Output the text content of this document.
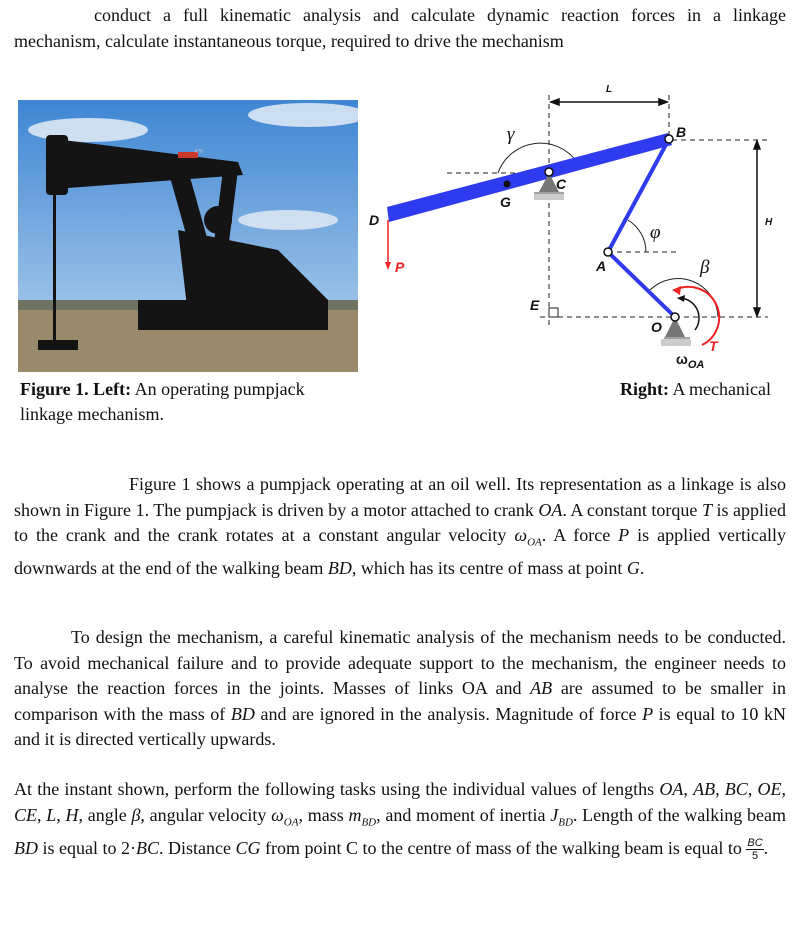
conduct a full kinematic analysis and calculate dynamic reaction forces in a linkage mechanism, calculate instantaneous torque, required to drive the mechanism
470
L
H
B
C
G
D
P	A
E
O
T
$\omega_{OA}$
γ
φ
β
Figure 1. Left: An operating pumpjack linkage mechanism.
Right: A mechanical
Figure 1 shows a pumpjack operating at an oil well. Its representation as a linkage is also shown in Figure 1. The pumpjack is driven by a motor attached to crank OA. A constant torque T is applied to the crank and the crank rotates at a constant angular velocity $\omega_{OA}$. A force P is applied vertically downwards at the end of the walking beam BD, which has its centre of mass at point G.
To design the mechanism, a careful kinematic analysis of the mechanism needs to be conducted. To avoid mechanical failure and to provide adequate support to the mechanism, the engineer needs to analyse the reaction forces in the joints. Masses of links OA and AB are assumed to be smaller in comparison with the mass of BD and are ignored in the analysis. Magnitude of force P is equal to 10 kN and it is directed vertically upwards.
At the instant shown, perform the following tasks using the individual values of lengths OA, AB, BC, OE, CE, L, H, angle β, angular velocity $\omega_{OA}$, mass $m_{BD}$, and moment of inertia $J_{BD}$. Length of the walking beam BD is equal to 2·BC. Distance CG from point C to the centre of mass of the walking beam is equal to $\frac{BC}{5}$ .
